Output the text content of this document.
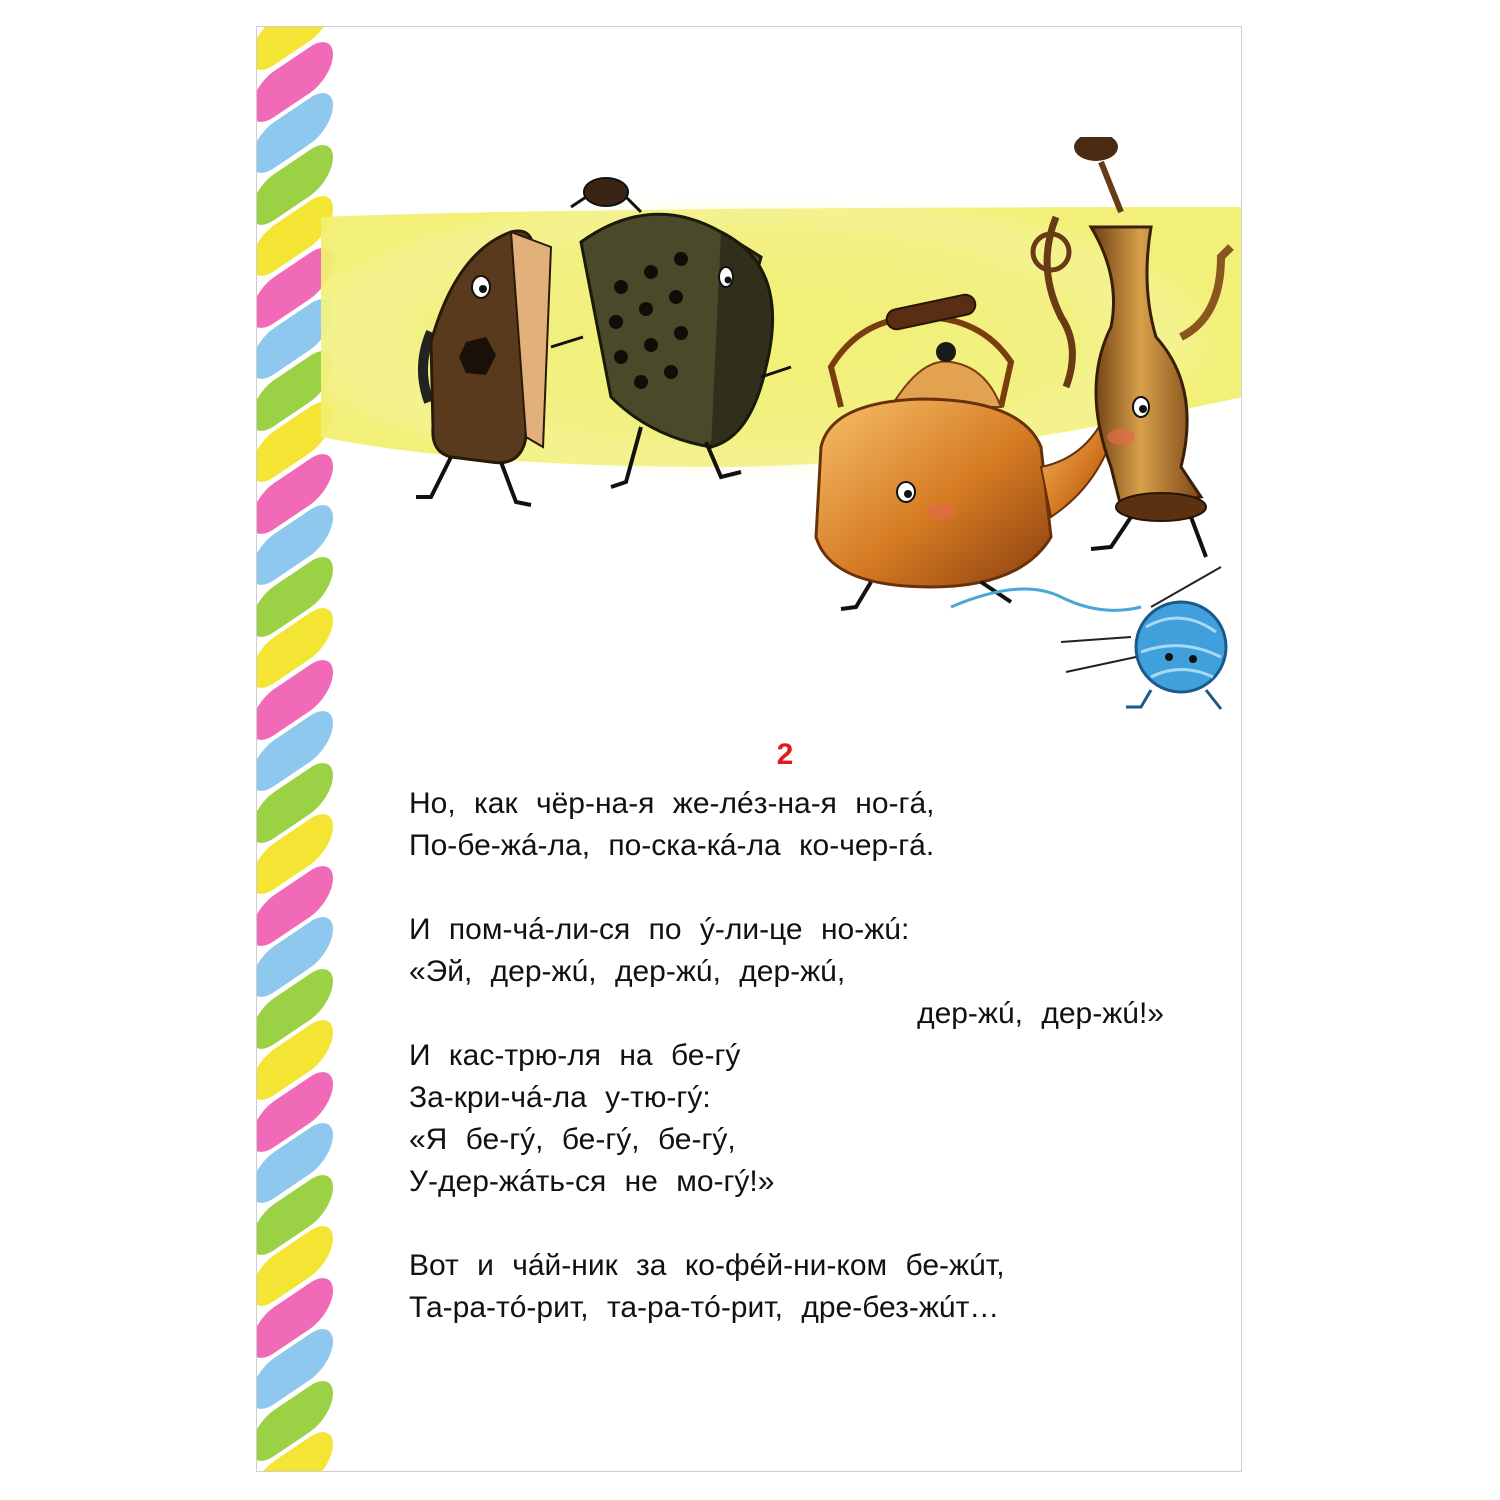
2
Но, как чёр-на-я же-лéз-на-я но-гá,
По-бе-жá-ла, по-ска-кá-ла ко-чер-гá.
И пом-чá-ли-ся по ý-ли-це но-жú:
«Эй, дер-жú, дер-жú, дер-жú,
дер-жú, дер-жú!»
И кас-трю-ля на бе-гý
За-кри-чá-ла у-тю-гý:
«Я бе-гý, бе-гý, бе-гý,
У-дер-жáть-ся не мо-гý!»
Вот и чáй-ник за ко-фéй-ни-ком бе-жúт,
Та-ра-тó-рит, та-ра-тó-рит, дре-без-жúт…
